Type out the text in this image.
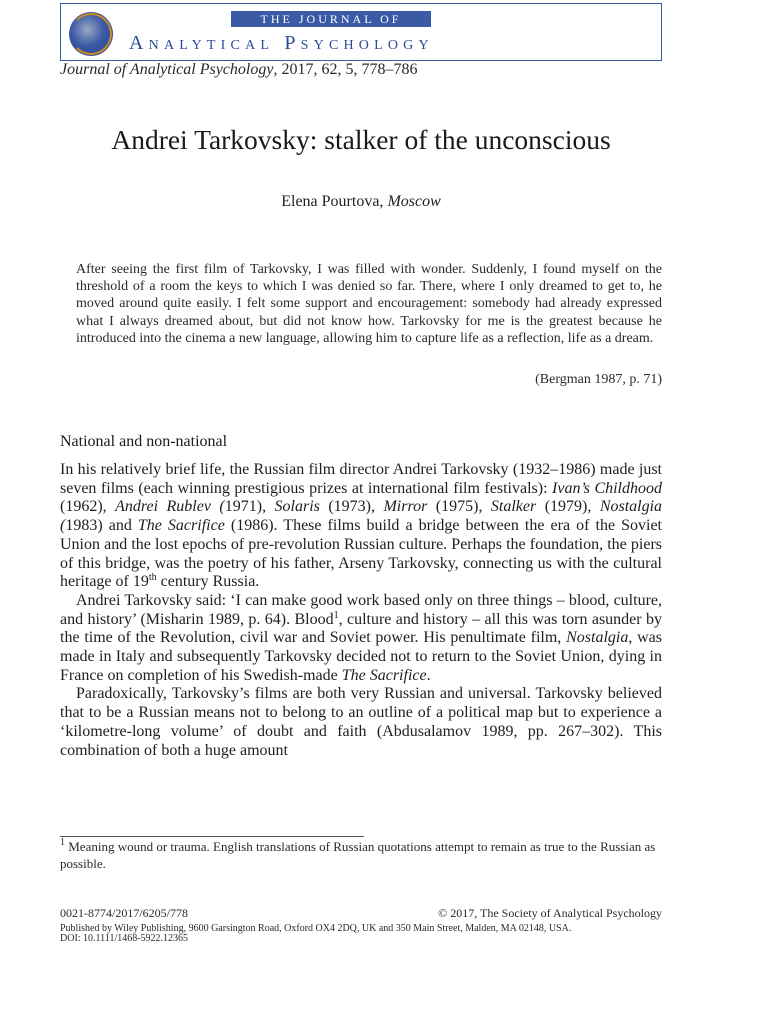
THE JOURNAL OF
Analytical Psychology
Journal of Analytical Psychology, 2017, 62, 5, 778–786
Andrei Tarkovsky: stalker of the unconscious
Elena Pourtova, Moscow
After seeing the first film of Tarkovsky, I was filled with wonder. Suddenly, I found myself on the threshold of a room the keys to which I was denied so far. There, where I only dreamed to get to, he moved around quite easily. I felt some support and encouragement: somebody had already expressed what I always dreamed about, but did not know how. Tarkovsky for me is the greatest because he introduced into the cinema a new language, allowing him to capture life as a reflection, life as a dream.
(Bergman 1987, p. 71)
National and non-national

In his relatively brief life, the Russian film director Andrei Tarkovsky (1932–1986) made just seven films (each winning prestigious prizes at international film festivals): Ivan’s Childhood (1962), Andrei Rublev (1971), Solaris (1973), Mirror (1975), Stalker (1979), Nostalgia (1983) and The Sacrifice (1986). These films build a bridge between the era of the Soviet Union and the lost epochs of pre-revolution Russian culture. Perhaps the foundation, the piers of this bridge, was the poetry of his father, Arseny Tarkovsky, connecting us with the cultural heritage of 19th century Russia.

Andrei Tarkovsky said: ‘I can make good work based only on three things – blood, culture, and history’ (Misharin 1989, p. 64). Blood$^1$, culture and history – all this was torn asunder by the time of the Revolution, civil war and Soviet power. His penultimate film, Nostalgia, was made in Italy and subsequently Tarkovsky decided not to return to the Soviet Union, dying in France on completion of his Swedish-made The Sacrifice.

Paradoxically, Tarkovsky’s films are both very Russian and universal. Tarkovsky believed that to be a Russian means not to belong to an outline of a political map but to experience a ‘kilometre-long volume’ of doubt and faith (Abdusalamov 1989, pp. 267–302). This combination of both a huge amount

$^1$ Meaning wound or trauma. English translations of Russian quotations attempt to remain as true to the Russian as possible.

0021-8774/2017/6205/778	© 2017, The Society of Analytical Psychology
Published by Wiley Publishing, 9600 Garsington Road, Oxford OX4 2DQ, UK and 350 Main Street, Malden, MA 02148, USA.
DOI: 10.1111/1468-5922.12365
